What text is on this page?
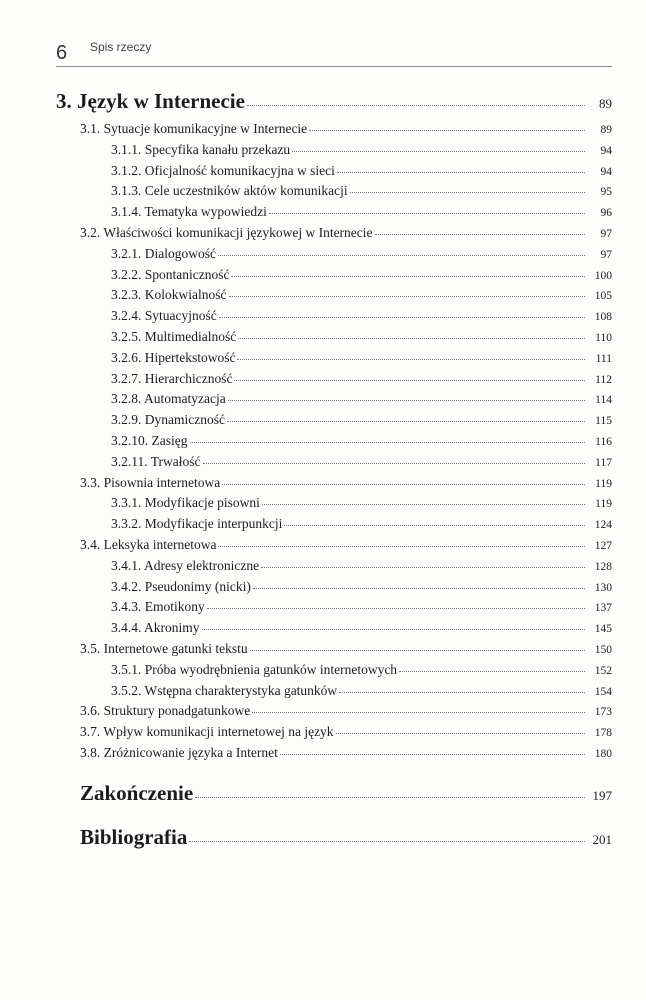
6 Spis rzeczy
3. Język w Internecie	89
3.1. Sytuacje komunikacyjne w Internecie	89
3.1.1. Specyfika kanału przekazu	94
3.1.2. Oficjalność komunikacyjna w sieci	94
3.1.3. Cele uczestników aktów komunikacji	95
3.1.4. Tematyka wypowiedzi	96
3.2. Właściwości komunikacji językowej w Internecie	97
3.2.1. Dialogowość	97
3.2.2. Spontaniczność	100
3.2.3. Kolokwialność	105
3.2.4. Sytuacyjność	108
3.2.5. Multimedialność	110
3.2.6. Hipertekstowość	111
3.2.7. Hierarchiczność	112
3.2.8. Automatyzacja	114
3.2.9. Dynamiczność	115
3.2.10. Zasięg	116
3.2.11. Trwałość	117
3.3. Pisownia internetowa	119
3.3.1. Modyfikacje pisowni	119
3.3.2. Modyfikacje interpunkcji	124
3.4. Leksyka internetowa	127
3.4.1. Adresy elektroniczne	128
3.4.2. Pseudonimy (nicki)	130
3.4.3. Emotikony	137
3.4.4. Akronimy	145
3.5. Internetowe gatunki tekstu	150
3.5.1. Próba wyodrębnienia gatunków internetowych	152
3.5.2. Wstępna charakterystyka gatunków	154
3.6. Struktury ponadgatunkowe	173
3.7. Wpływ komunikacji internetowej na język	178
3.8. Zróżnicowanie języka a Internet	180
Zakończenie	197
Bibliografia	201
